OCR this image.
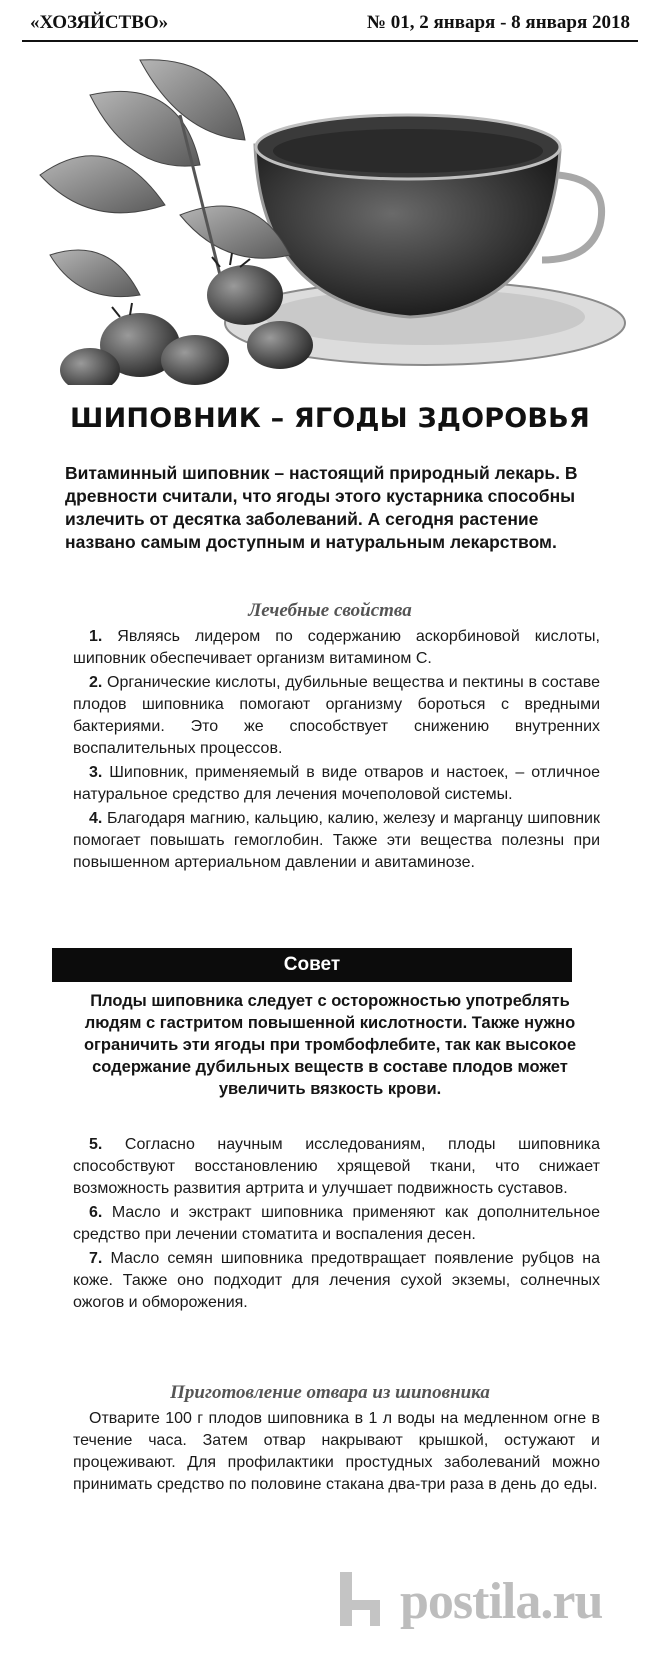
«ХОЗЯЙСТВО»	№ 01, 2 января - 8 января 2018
ШИПОВНИК – ЯГОДЫ ЗДОРОВЬЯ
Витаминный шиповник – настоящий природный лекарь. В древности считали, что ягоды этого кустарника способны излечить от десятка заболеваний. А сегодня растение названо самым доступным и натуральным лекарством.
Лечебные свойства

1. Являясь лидером по содержанию аскорбиновой кислоты, шиповник обеспечивает организм витамином С.

2. Органические кислоты, дубильные вещества и пектины в составе плодов шиповника помогают организму бороться с вредными бактериями. Это же способствует снижению внутренних воспалительных процессов.

3. Шиповник, применяемый в виде отваров и настоек, – отличное натуральное средство для лечения мочеполовой системы.

4. Благодаря магнию, кальцию, калию, железу и марганцу шиповник помогает повышать гемоглобин. Также эти вещества полезны при повышенном артериальном давлении и авитаминозе.

Совет
Плоды шиповника следует с осторожностью употреблять людям с гастритом повышенной кислотности. Также нужно ограничить эти ягоды при тромбофлебите, так как высокое содержание дубильных веществ в составе плодов может увеличить вязкость крови.

5. Согласно научным исследованиям, плоды шиповника способствуют восстановлению хрящевой ткани, что снижает возможность развития артрита и улучшает подвижность суставов.

6. Масло и экстракт шиповника применяют как дополнительное средство при лечении стоматита и воспаления десен.

7. Масло семян шиповника предотвращает появление рубцов на коже. Также оно подходит для лечения сухой экземы, солнечных ожогов и обморожения.

Приготовление отвара из шиповника

Отварите 100 г плодов шиповника в 1 л воды на медленном огне в течение часа. Затем отвар накрывают крышкой, остужают и процеживают. Для профилактики простудных заболеваний можно принимать средство по половине стакана два-три раза в день до еды.

postila.ru
